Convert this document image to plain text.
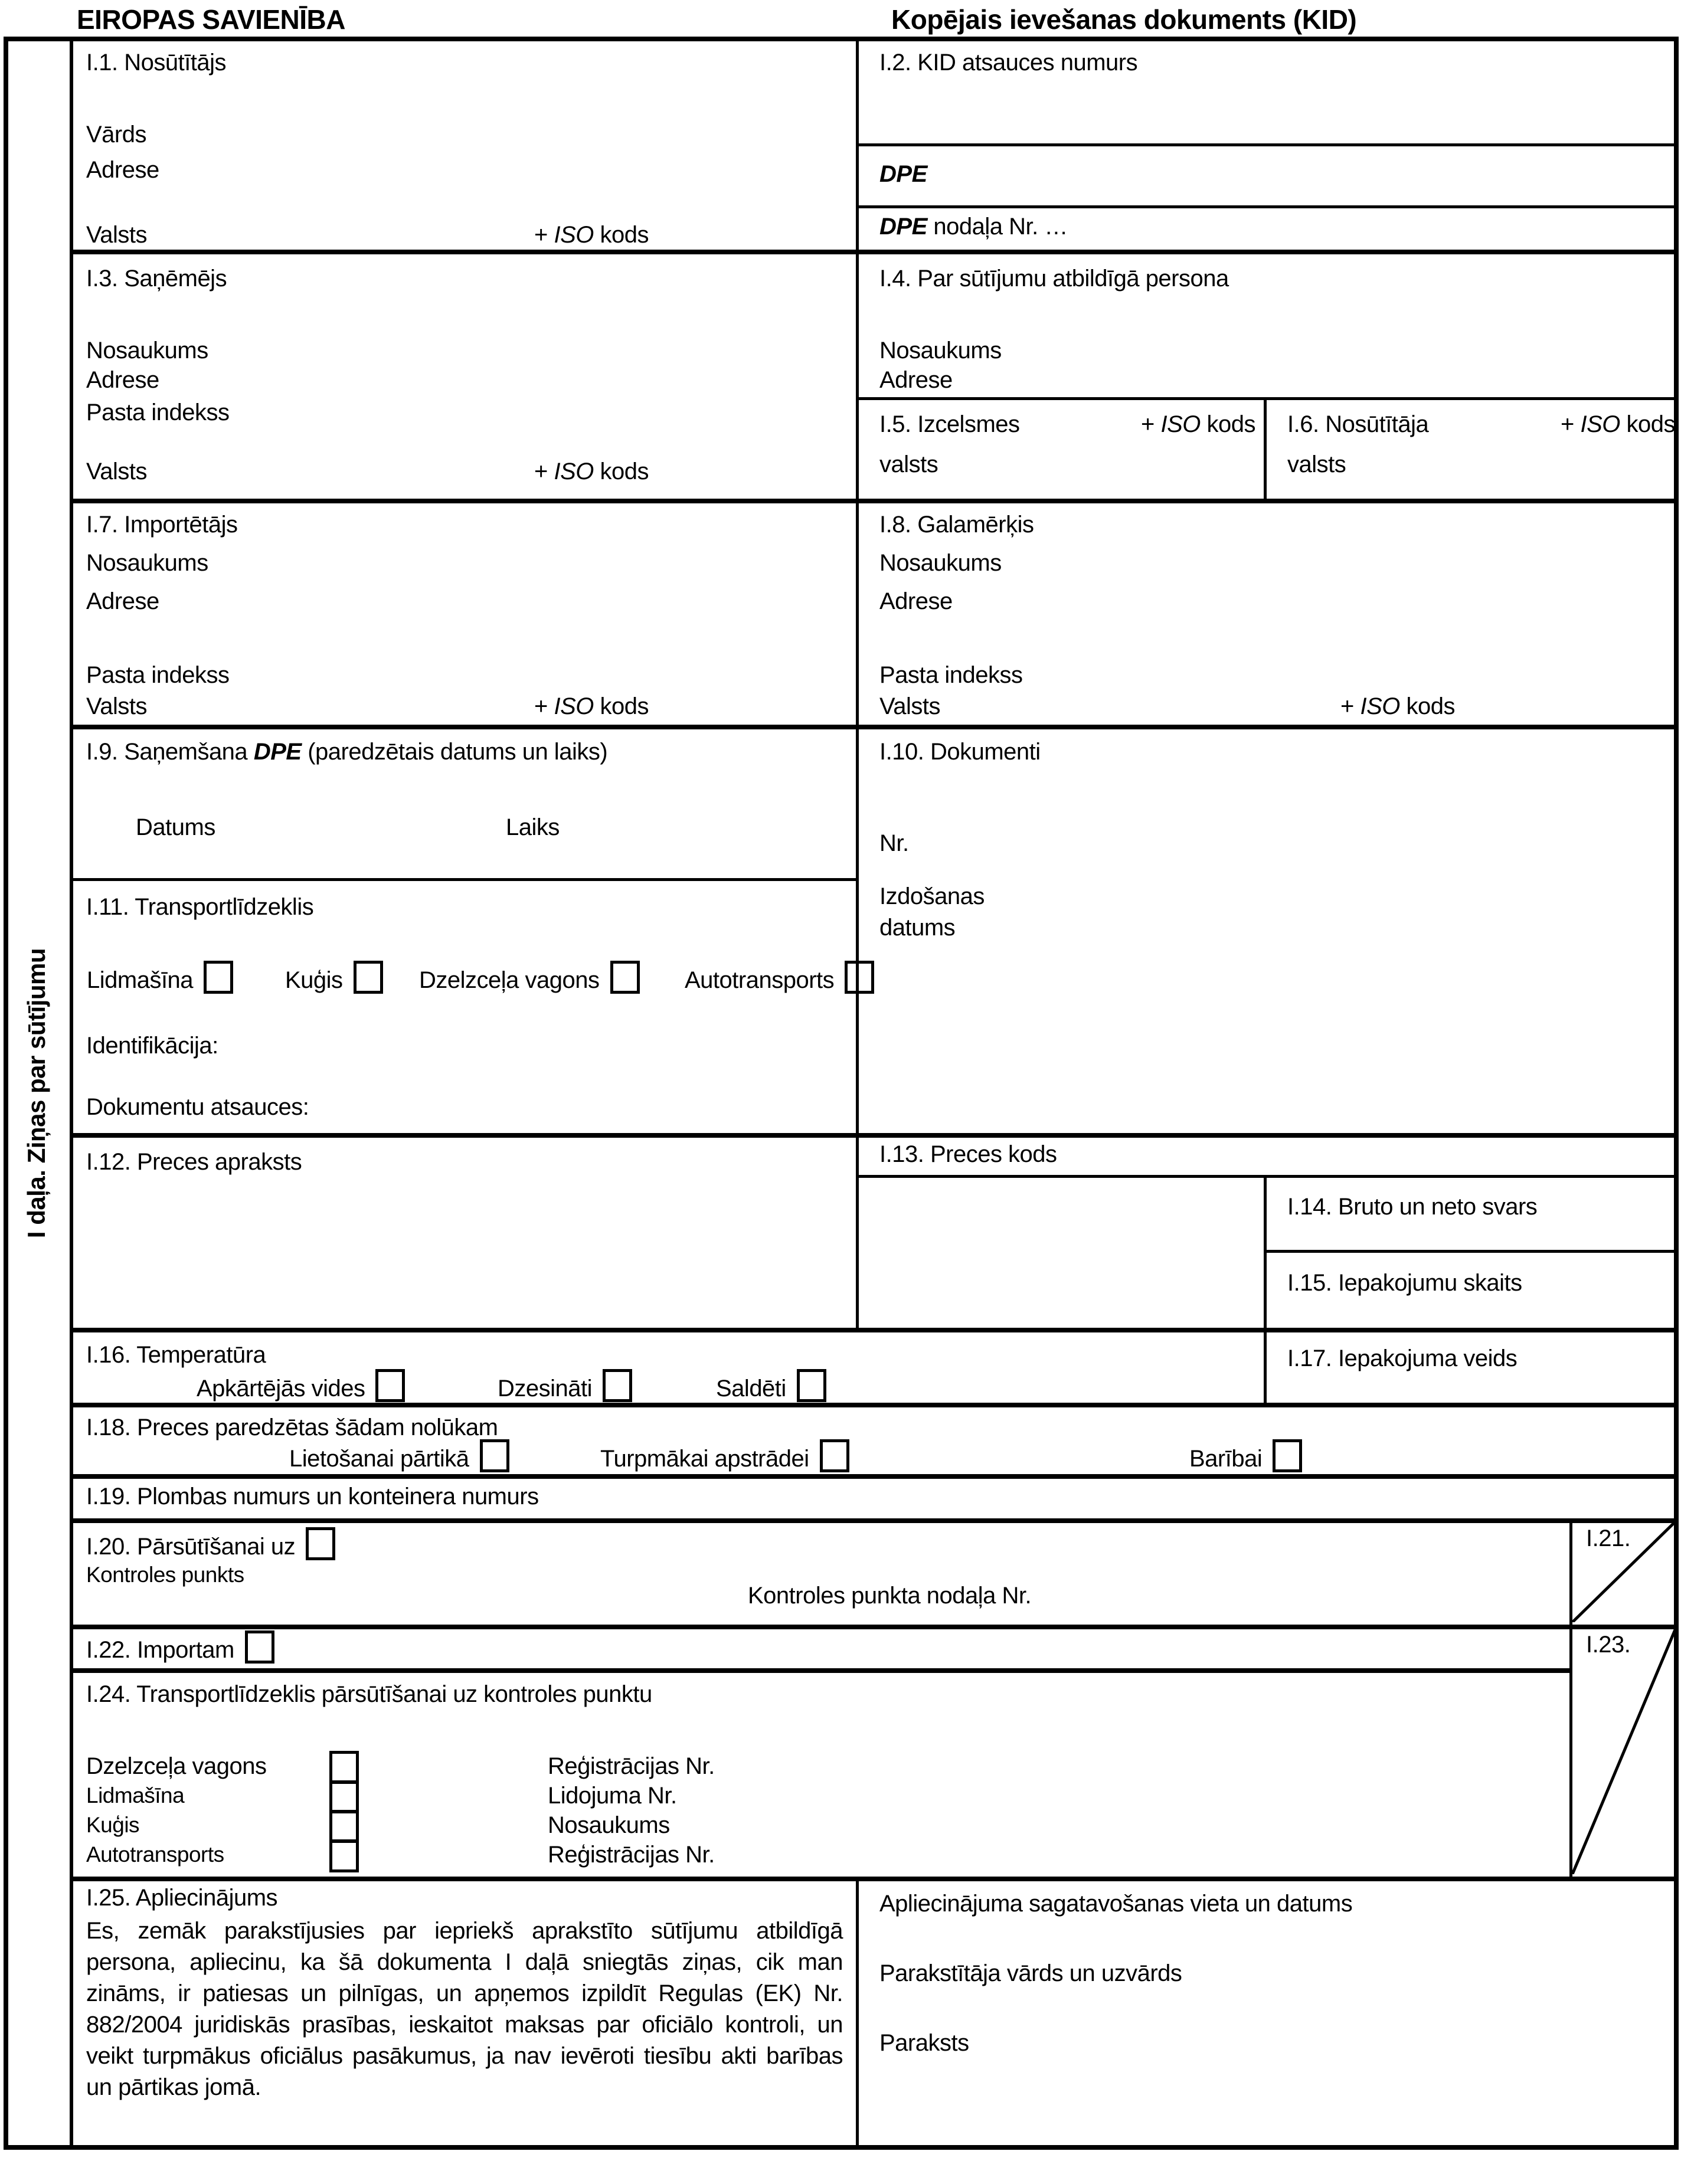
EIROPAS SAVIENĪBA	Kopējais ievešanas dokuments (KID)
I daļa. Ziņas par sūtījumu
I.1. Nosūtītājs
Vārds
Adrese
Valsts	+ ISO kods
I.2. KID atsauces numurs
DPE
DPE nodaļa Nr. …
I.3. Saņēmējs
Nosaukums
Adrese
Pasta indekss
Valsts	+ ISO kods
I.4. Par sūtījumu atbildīgā persona
Nosaukums
Adrese
I.5. Izcelsmes	+ ISO kods
valsts
I.6. Nosūtītāja	+ ISO kods
valsts
I.7. Importētājs
Nosaukums
Adrese
Pasta indekss
Valsts	+ ISO kods
I.8. Galamērķis
Nosaukums
Adrese
Pasta indekss
Valsts	+ ISO kods
I.9. Saņemšana DPE (paredzētais datums un laiks)
Datums	Laiks
I.10. Dokumenti
Nr.
Izdošanas datums
I.11. Transportlīdzeklis
Lidmašīna	Kuģis	Dzelzceļa vagons	Autotransports
Identifikācija:
Dokumentu atsauces:
I.12. Preces apraksts	I.13. Preces kods
I.14. Bruto un neto svars
I.15. Iepakojumu skaits
I.16. Temperatūra
Apkārtējās vides	Dzesināti	Saldēti
I.17. Iepakojuma veids
I.18. Preces paredzētas šādam nolūkam
Lietošanai pārtikā	Turpmākai apstrādei	Barībai
I.19. Plombas numurs un konteinera numurs
I.20. Pārsūtīšanai uz
Kontroles punkts
Kontroles punkta nodaļa Nr.
I.21.
I.22. Importam	I.23.
I.24. Transportlīdzeklis pārsūtīšanai uz kontroles punktu
Dzelzceļa vagons	Reģistrācijas Nr.
Lidmašīna	Lidojuma Nr.
Kuģis	Nosaukums
Autotransports	Reģistrācijas Nr.
I.25. Apliecinājums
Es, zemāk parakstījusies par iepriekš aprakstīto sūtījumu atbildīgā persona, apliecinu, ka šā dokumenta I daļā sniegtās ziņas, cik man zināms, ir patiesas un pilnīgas, un apņemos izpildīt Regulas (EK) Nr. 882/2004 juridiskās prasības, ieskaitot maksas par oficiālo kontroli, un veikt turpmākus oficiālus pasākumus, ja nav ievēroti tiesību akti barības un pārtikas jomā.
Apliecinājuma sagatavošanas vieta un datums
Parakstītāja vārds un uzvārds
Paraksts
